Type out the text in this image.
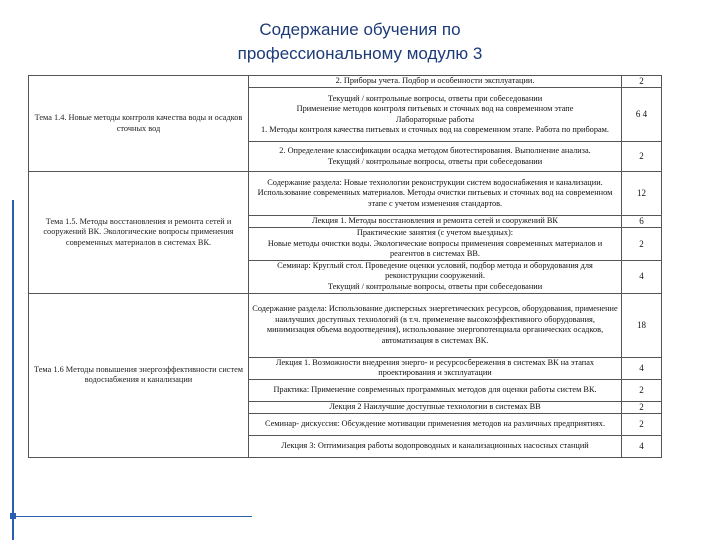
Содержание обучения по
профессиональному модулю 3
Тема 1.4. Новые методы контроля качества воды и осадков сточных вод	2. Приборы учета. Подбор и особенности эксплуатации.	2

	Текущий / контрольные вопросы, ответы при собеседовании
Применение методов контроля питьевых и сточных вод на современном этапе
Лабораторные работы
1. Методы контроля качества питьевых и сточных вод на современном этапе. Работа по приборам.	6 4

	2. Определение классификации осадка методом биотестирования. Выполнение анализа.
Текущий / контрольные вопросы, ответы при собеседовании	2
Тема 1.5. Методы восстановления и ремонта сетей и сооружений ВК. Экологические вопросы применения современных материалов в системах ВК.	Содержание раздела: Новые технологии реконструкции систем водоснабжения и канализации. Использование современных материалов. Методы очистки питьевых и сточных вод на современном этапе с учетом изменения стандартов.	12

	Лекция 1. Методы восстановления и ремонта сетей и сооружений ВК	6

	Практические занятия (с учетом выездных):
Новые методы очистки воды. Экологические вопросы применения современных материалов и реагентов в системах ВВ.	2

	Семинар: Круглый стол. Проведение оценки условий, подбор метода и оборудования для реконструкции сооружений.
Текущий / контрольные вопросы, ответы при собеседовании	4
Тема 1.6 Методы повышения энергоэффективности систем водоснабжения и канализации	Содержание раздела: Использование дисперсных энергетических ресурсов, оборудования, применение наилучших доступных технологий (в т.ч. применение высокоэффективного оборудования, минимизация объема водоотведения), использование энергопотенциала органических осадков, автоматизация в системах ВК.	18

	Лекция 1. Возможности внедрения энерго- и ресурсосбережения в системах ВК на этапах проектирования и эксплуатации	4

	Практика: Применение современных программных методов для оценки работы систем ВК.	2

	Лекция 2 Наилучшие доступные технологии в системах ВВ	2

	Семинар- дискуссия: Обсуждение мотивации применения методов на различных предприятиях.	2

	Лекция 3: Оптимизация работы водопроводных и канализационных насосных станций	4
